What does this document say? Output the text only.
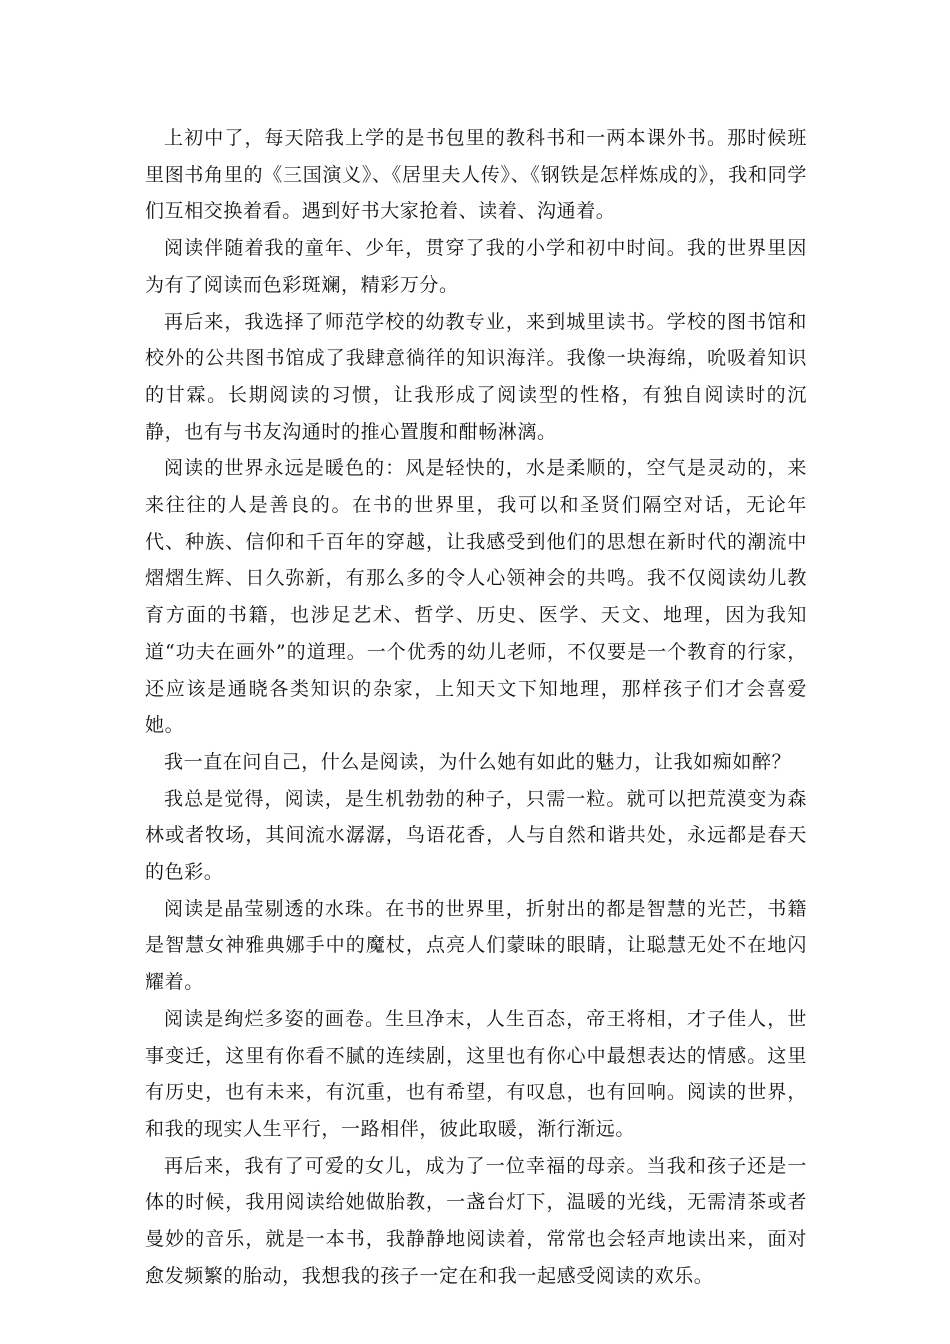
上初中了，每天陪我上学的是书包里的教科书和一两本课外书。那时候班里图书角里的《三国演义》、《居里夫人传》、《钢铁是怎样炼成的》，我和同学们互相交换着看。遇到好书大家抢着、读着、沟通着。

阅读伴随着我的童年、少年，贯穿了我的小学和初中时间。我的世界里因为有了阅读而色彩斑斓，精彩万分。

再后来，我选择了师范学校的幼教专业，来到城里读书。学校的图书馆和校外的公共图书馆成了我肆意徜徉的知识海洋。我像一块海绵，吮吸着知识的甘霖。长期阅读的习惯，让我形成了阅读型的性格，有独自阅读时的沉静，也有与书友沟通时的推心置腹和酣畅淋漓。

阅读的世界永远是暖色的：风是轻快的，水是柔顺的，空气是灵动的，来来往往的人是善良的。在书的世界里，我可以和圣贤们隔空对话，无论年代、种族、信仰和千百年的穿越，让我感受到他们的思想在新时代的潮流中熠熠生辉、日久弥新，有那么多的令人心领神会的共鸣。我不仅阅读幼儿教育方面的书籍，也涉足艺术、哲学、历史、医学、天文、地理，因为我知道“功夫在画外”的道理。一个优秀的幼儿老师，不仅要是一个教育的行家，还应该是通晓各类知识的杂家，上知天文下知地理，那样孩子们才会喜爱她。

我一直在问自己，什么是阅读，为什么她有如此的魅力，让我如痴如醉？

我总是觉得，阅读，是生机勃勃的种子，只需一粒。就可以把荒漠变为森林或者牧场，其间流水潺潺，鸟语花香，人与自然和谐共处，永远都是春天的色彩。

阅读是晶莹剔透的水珠。在书的世界里，折射出的都是智慧的光芒，书籍是智慧女神雅典娜手中的魔杖，点亮人们蒙昧的眼睛，让聪慧无处不在地闪耀着。

阅读是绚烂多姿的画卷。生旦净末，人生百态，帝王将相，才子佳人，世事变迁，这里有你看不腻的连续剧，这里也有你心中最想表达的情感。这里有历史，也有未来，有沉重，也有希望，有叹息，也有回响。阅读的世界，和我的现实人生平行，一路相伴，彼此取暖，渐行渐远。

再后来，我有了可爱的女儿，成为了一位幸福的母亲。当我和孩子还是一体的时候，我用阅读给她做胎教，一盏台灯下，温暖的光线，无需清茶或者曼妙的音乐，就是一本书，我静静地阅读着，常常也会轻声地读出来，面对愈发频繁的胎动，我想我的孩子一定在和我一起感受阅读的欢乐。
